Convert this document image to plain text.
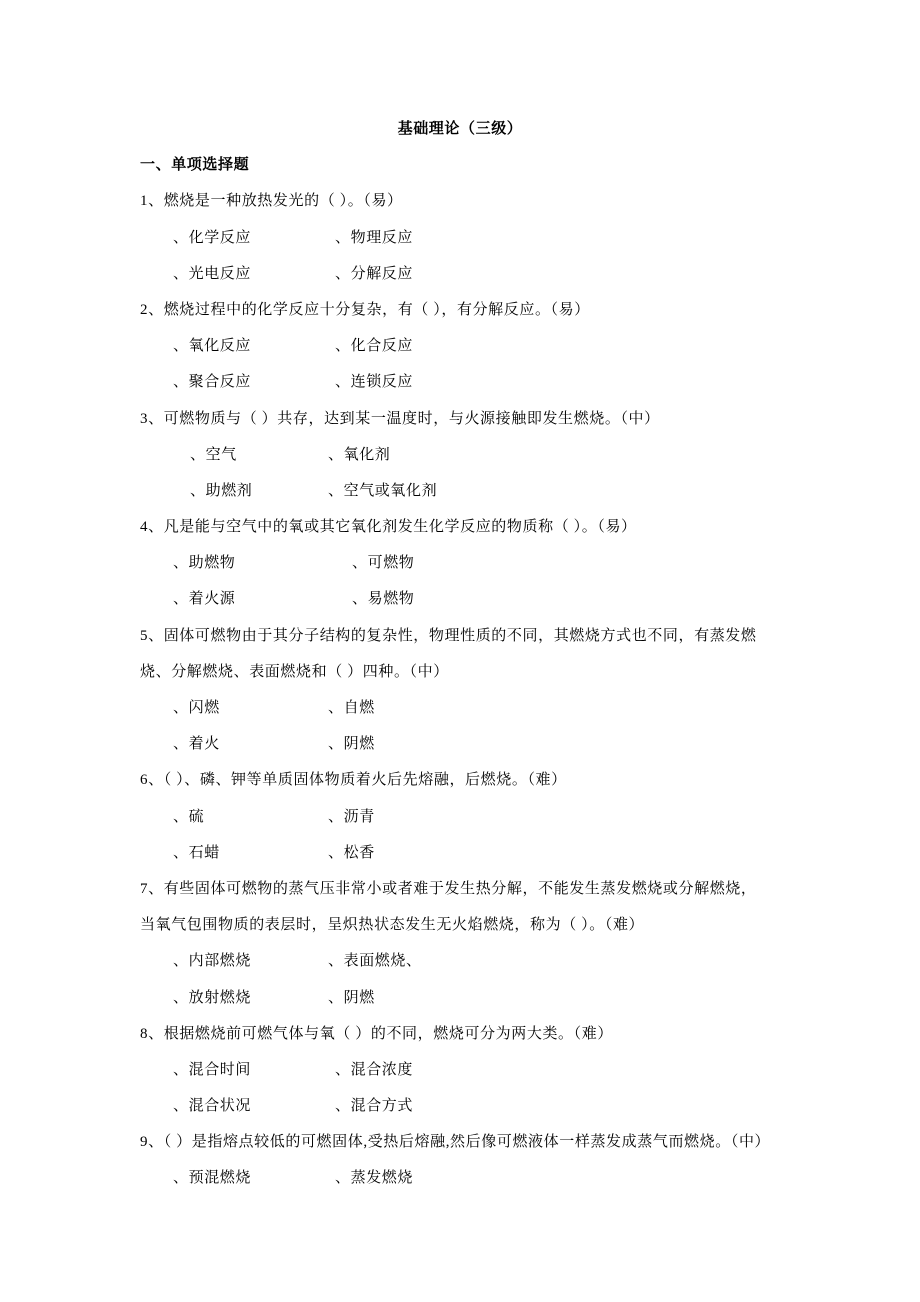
基础理论（三级）
一、单项选择题
1、燃烧是一种放热发光的（ ）。（易）
、化学反应	、物理反应
、光电反应	、分解反应
2、燃烧过程中的化学反应十分复杂，有（ ），有分解反应。（易）
、氧化反应	、化合反应
、聚合反应	、连锁反应
3、可燃物质与（ ）共存，达到某一温度时，与火源接触即发生燃烧。（中）
、空气	、氧化剂
、助燃剂	、空气或氧化剂
4、凡是能与空气中的氧或其它氧化剂发生化学反应的物质称（ ）。（易）
、助燃物	、可燃物
、着火源	、易燃物
5、固体可燃物由于其分子结构的复杂性，物理性质的不同，其燃烧方式也不同，有蒸发燃
烧、分解燃烧、表面燃烧和（ ）四种。（中）
、闪燃	、自燃
、着火	、阴燃
6、（ ）、磷、钾等单质固体物质着火后先熔融，后燃烧。（难）
、硫	、沥青
、石蜡	、松香
7、有些固体可燃物的蒸气压非常小或者难于发生热分解，不能发生蒸发燃烧或分解燃烧，
当氧气包围物质的表层时，呈炽热状态发生无火焰燃烧，称为（ ）。（难）
、内部燃烧	、表面燃烧、
、放射燃烧	、阴燃
8、根据燃烧前可燃气体与氧（ ）的不同，燃烧可分为两大类。（难）
、混合时间	、混合浓度
、混合状况	、混合方式
9、（ ）是指熔点较低的可燃固体,受热后熔融,然后像可燃液体一样蒸发成蒸气而燃烧。（中）
、预混燃烧	、蒸发燃烧
